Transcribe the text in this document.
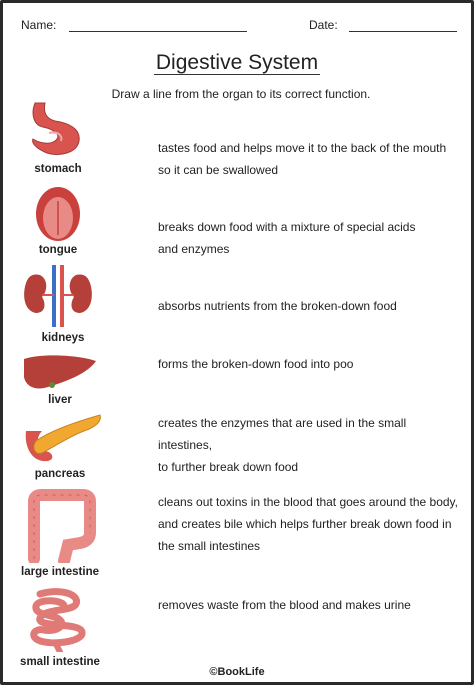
Name:	Date:
Digestive System
Draw a line from the organ to its correct function.
stomach
tastes food and helps move it to the back of the mouth
so it can be swallowed
tongue
breaks down food with a mixture of special acids
and enzymes
kidneys
absorbs nutrients from the broken-down food
liver
forms the broken-down food into poo
pancreas
creates the enzymes that are used in the small intestines,
to further break down food
large intestine
cleans out toxins in the blood that goes around the body,
and creates bile which helps further break down food in
the small intestines
small intestine
removes waste from the blood and makes urine
©BookLife
